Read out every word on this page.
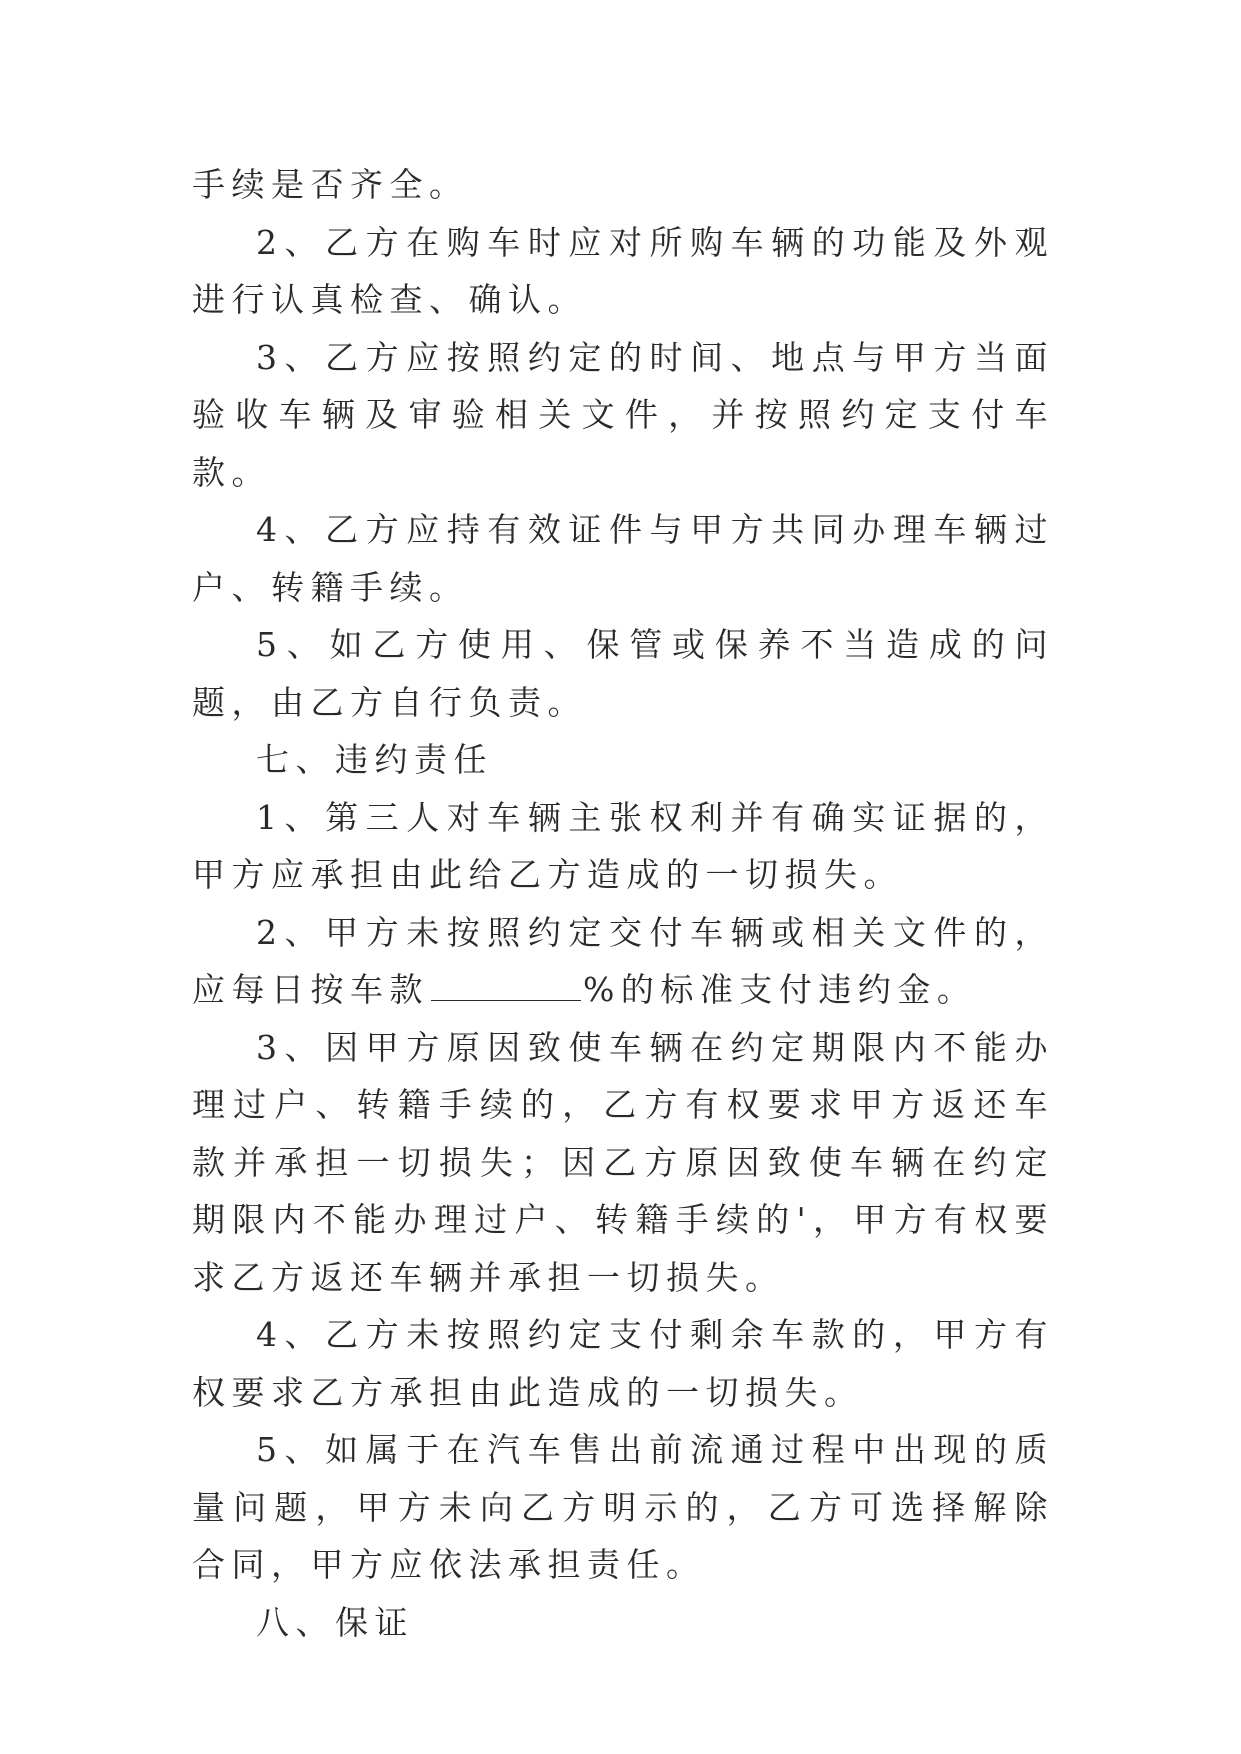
手续是否齐全。

2、乙方在购车时应对所购车辆的功能及外观进行认真检查、确认。

3、乙方应按照约定的时间、地点与甲方当面验收车辆及审验相关文件，并按照约定支付车款。

4、乙方应持有效证件与甲方共同办理车辆过户、转籍手续。

5、如乙方使用、保管或保养不当造成的问题，由乙方自行负责。

七、违约责任

1、第三人对车辆主张权利并有确实证据的，甲方应承担由此给乙方造成的一切损失。

2、甲方未按照约定交付车辆或相关文件的，应每日按车款	%的标准支付违约金。

3、因甲方原因致使车辆在约定期限内不能办理过户、转籍手续的，乙方有权要求甲方返还车款并承担一切损失；因乙方原因致使车辆在约定期限内不能办理过户、转籍手续的'，甲方有权要求乙方返还车辆并承担一切损失。

4、乙方未按照约定支付剩余车款的，甲方有权要求乙方承担由此造成的一切损失。

5、如属于在汽车售出前流通过程中出现的质量问题，甲方未向乙方明示的，乙方可选择解除合同，甲方应依法承担责任。

八、保证
